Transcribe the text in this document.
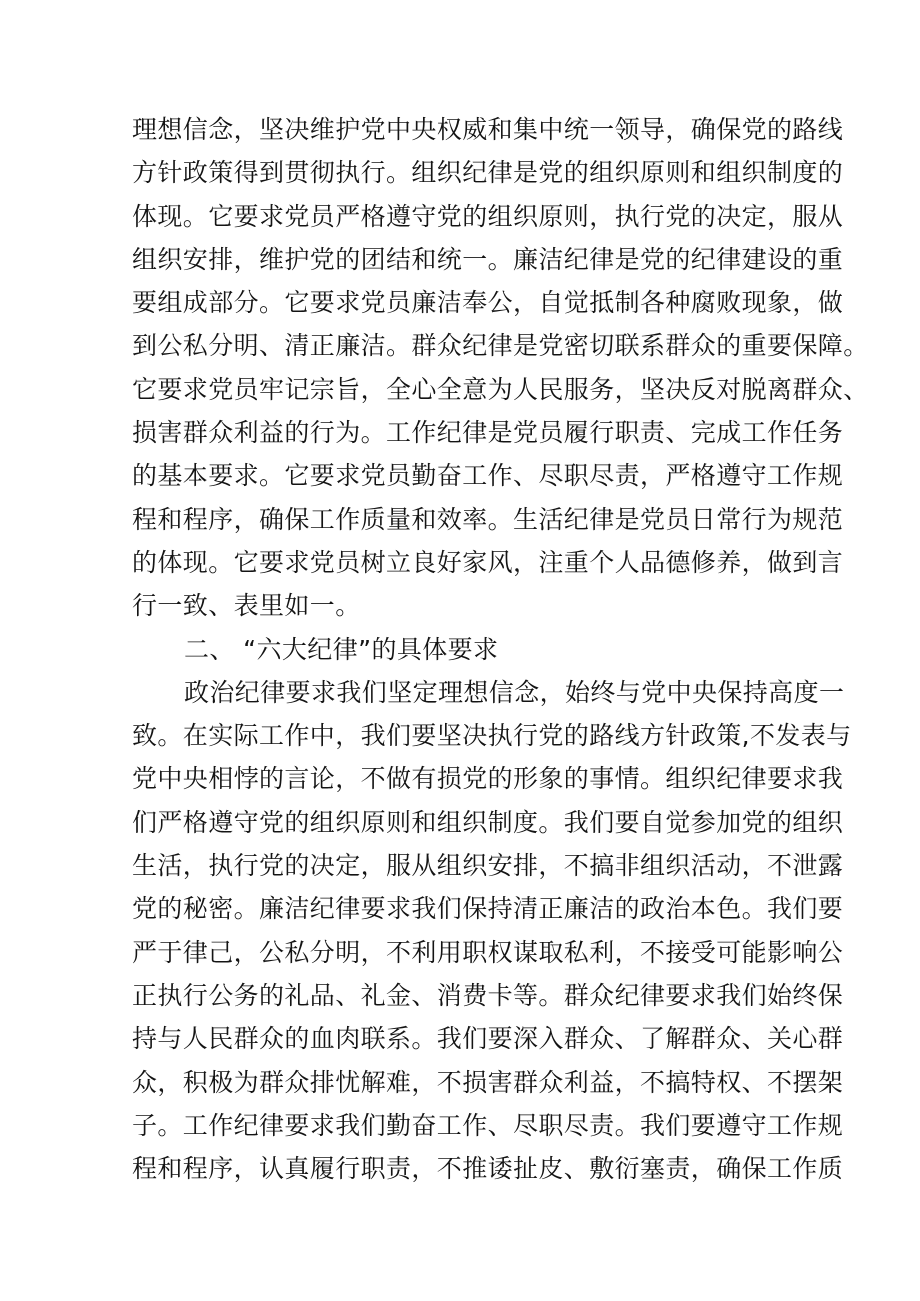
理想信念，坚决维护党中央权威和集中统一领导，确保党的路线
方针政策得到贯彻执行。组织纪律是党的组织原则和组织制度的
体现。它要求党员严格遵守党的组织原则，执行党的决定，服从
组织安排，维护党的团结和统一。廉洁纪律是党的纪律建设的重
要组成部分。它要求党员廉洁奉公，自觉抵制各种腐败现象，做
到公私分明、清正廉洁。群众纪律是党密切联系群众的重要保障。
它要求党员牢记宗旨，全心全意为人民服务，坚决反对脱离群众、
损害群众利益的行为。工作纪律是党员履行职责、完成工作任务
的基本要求。它要求党员勤奋工作、尽职尽责，严格遵守工作规
程和程序，确保工作质量和效率。生活纪律是党员日常行为规范
的体现。它要求党员树立良好家风，注重个人品德修养，做到言
行一致、表里如一。
二、 “六大纪律”的具体要求
政治纪律要求我们坚定理想信念，始终与党中央保持高度一
致。在实际工作中，我们要坚决执行党的路线方针政策,不发表与
党中央相悖的言论，不做有损党的形象的事情。组织纪律要求我
们严格遵守党的组织原则和组织制度。我们要自觉参加党的组织
生活，执行党的决定，服从组织安排，不搞非组织活动，不泄露
党的秘密。廉洁纪律要求我们保持清正廉洁的政治本色。我们要
严于律己，公私分明，不利用职权谋取私利，不接受可能影响公
正执行公务的礼品、礼金、消费卡等。群众纪律要求我们始终保
持与人民群众的血肉联系。我们要深入群众、了解群众、关心群
众，积极为群众排忧解难，不损害群众利益，不搞特权、不摆架
子。工作纪律要求我们勤奋工作、尽职尽责。我们要遵守工作规
程和程序，认真履行职责，不推诿扯皮、敷衍塞责，确保工作质
